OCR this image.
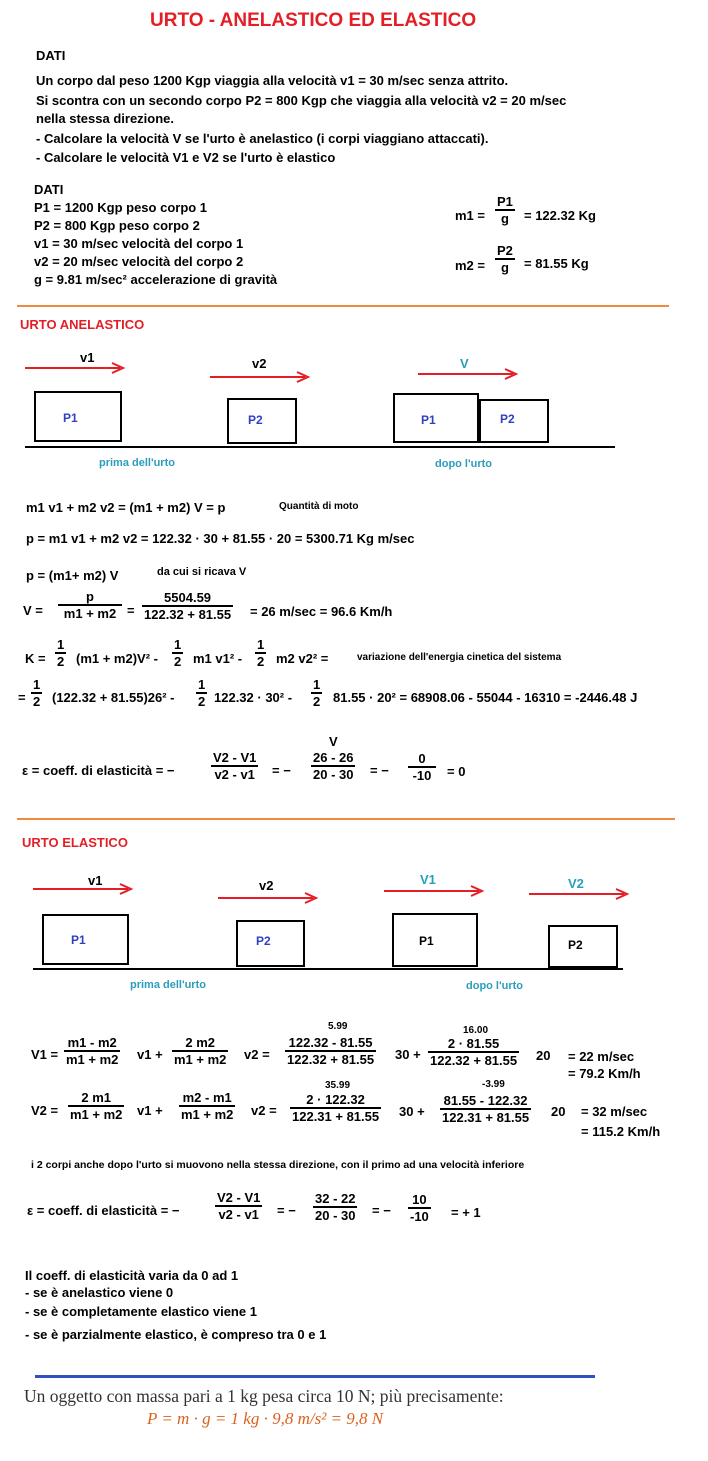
URTO - ANELASTICO ED ELASTICO
DATI
Un corpo dal peso 1200 Kgp viaggia alla velocità v1 = 30 m/sec senza attrito.
Si scontra con un secondo corpo P2 = 800 Kgp che viaggia alla velocità v2 = 20 m/sec
nella stessa direzione.
- Calcolare la velocità V se l'urto è anelastico (i corpi viaggiano attaccati).
- Calcolare le velocità V1 e V2 se l'urto è elastico
DATI
P1 = 1200 Kgp peso corpo 1
P2 = 800 Kgp peso corpo 2
v1 = 30 m/sec velocità del corpo 1
v2 = 20 m/sec velocità del corpo 2
g = 9.81 m/sec² accelerazione di gravità
m1 =
P1
g = 122.32 Kg
m2 =
P2
g = 81.55 Kg
URTO ANELASTICO
v1	v2	V
P1	P2	P1	P2
prima dell'urto	dopo l'urto
m1 v1 + m2 v2 = (m1 + m2) V = p	Quantità di moto
p = m1 v1 + m2 v2 = 122.32 · 30 + 81.55 · 20 = 5300.71 Kg m/sec
p = (m1+ m2) V	da cui si ricava V
V =
p
m1 + m2 =
5504.59
122.32 + 81.55 = 26 m/sec = 96.6 Km/h
K =
1
2 (m1 + m2)V² -
1
2 m1 v1² -
1
2 m2 v2² =	variazione dell'energia cinetica del sistema
=
1
2 (122.32 + 81.55)26² -
1
2 122.32 · 30² -
1
2 81.55 · 20² = 68908.06 - 55044 - 16310 = -2446.48 J
ε = coeff. di elasticità = −
V2 - V1
v2 - v1 = −
V
26 - 26
20 - 30 = −
0
-10 = 0
URTO ELASTICO
v1	v2	V1	V2
P1	P2	P1	P2
prima dell'urto	dopo l'urto
V1 =
m1 - m2
m1 + m2 v1 +
2 m2
m1 + m2 v2 =
5.99
122.32 - 81.55
122.32 + 81.55 30 +
16.00
2 · 81.55
122.32 + 81.55 20 = 22 m/sec
= 79.2 Km/h
V2 =
2 m1
m1 + m2 v1 +
m2 - m1
m1 + m2 v2 =
35.99
2 · 122.32
122.31 + 81.55 30 +
-3.99
81.55 - 122.32
122.31 + 81.55 20 = 32 m/sec
= 115.2 Km/h
i 2 corpi anche dopo l'urto si muovono nella stessa direzione, con il primo ad una velocità inferiore
ε = coeff. di elasticità = −
V2 - V1
v2 - v1 = −
32 - 22
20 - 30 = −
10
-10 = + 1
Il coeff. di elasticità varia da 0 ad 1
- se è anelastico viene 0
- se è completamente elastico viene 1
- se è parzialmente elastico, è compreso tra 0 e 1
Un oggetto con massa pari a 1 kg pesa circa 10 N; più precisamente:
P = m · g = 1 kg · 9,8 m/s² = 9,8 N
